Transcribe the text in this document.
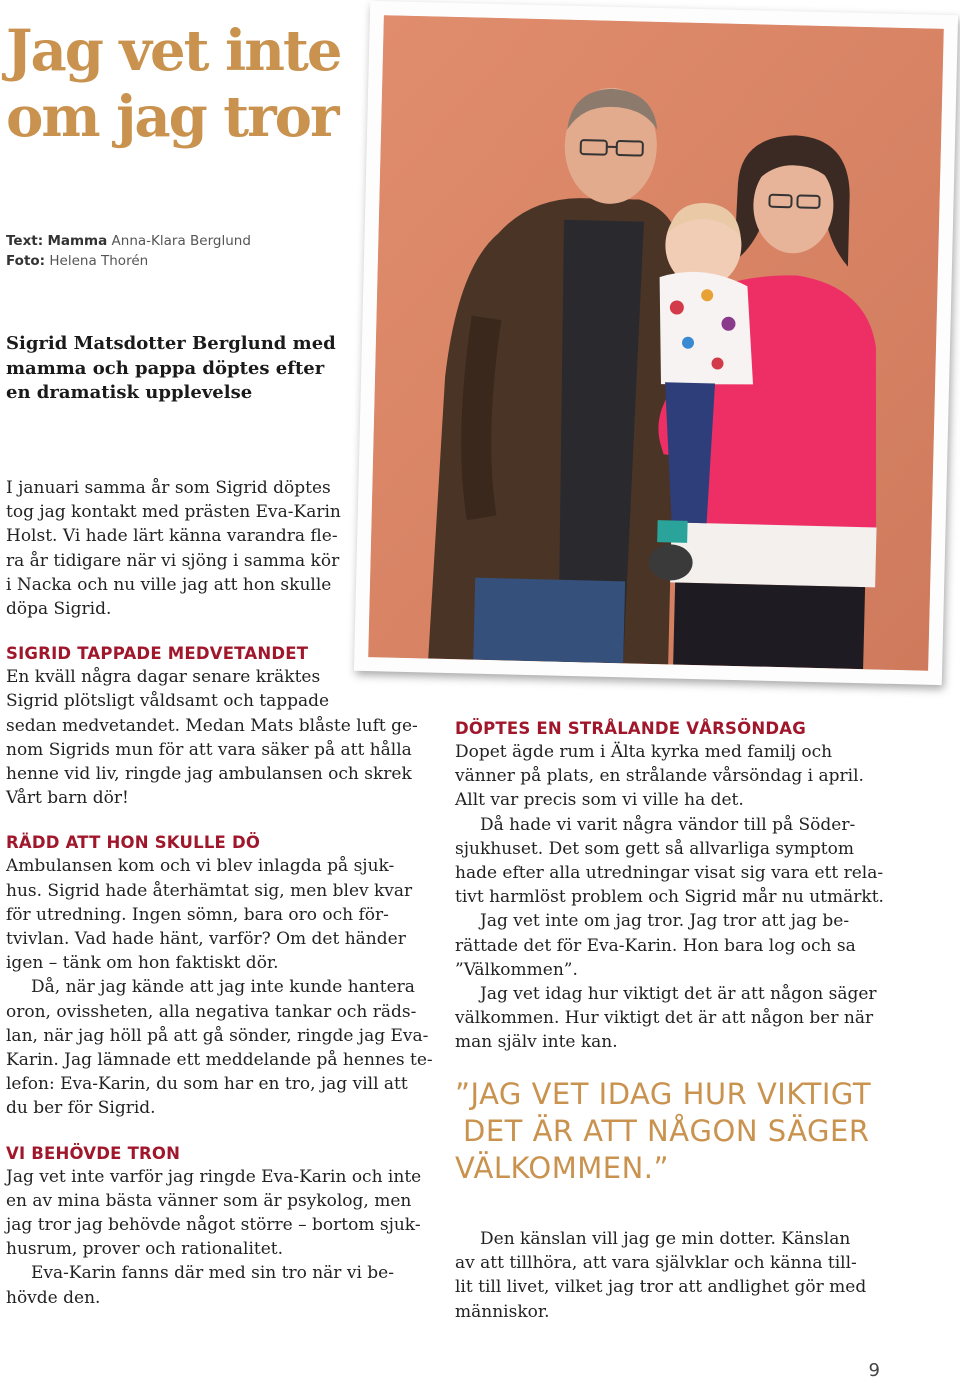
Jag vet inte
om jag tror
Text: Mamma Anna-Klara Berglund
Foto: Helena Thorén
Sigrid Matsdotter Berglund med
mamma och pappa döptes efter
en dramatisk upplevelse

I januari samma år som Sigrid döptes
tog jag kontakt med prästen Eva-Karin
Holst. Vi hade lärt känna varandra fle-
ra år tidigare när vi sjöng i samma kör
i Nacka och nu ville jag att hon skulle
döpa Sigrid.

SIGRID TAPPADE MEDVETANDET

En kväll några dagar senare kräktes
Sigrid plötsligt våldsamt och tappade
sedan medvetandet. Medan Mats blåste luft ge-
nom Sigrids mun för att vara säker på att hålla
henne vid liv, ringde jag ambulansen och skrek
Vårt barn dör!

RÄDD ATT HON SKULLE DÖ

Ambulansen kom och vi blev inlagda på sjuk-
hus. Sigrid hade återhämtat sig, men blev kvar
för utredning. Ingen sömn, bara oro och för-
tvivlan. Vad hade hänt, varför? Om det händer
igen – tänk om hon faktiskt dör.

Då, när jag kände att jag inte kunde hantera
oron, ovissheten, alla negativa tankar och räds-
lan, när jag höll på att gå sönder, ringde jag Eva-
Karin. Jag lämnade ett meddelande på hennes te-
lefon: Eva-Karin, du som har en tro, jag vill att
du ber för Sigrid.

VI BEHÖVDE TRON

Jag vet inte varför jag ringde Eva-Karin och inte
en av mina bästa vänner som är psykolog, men
jag tror jag behövde något större – bortom sjuk-
husrum, prover och rationalitet.

Eva-Karin fanns där med sin tro när vi be-
hövde den.

DÖPTES EN STRÅLANDE VÅRSÖNDAG

Dopet ägde rum i Älta kyrka med familj och
vänner på plats, en strålande vårsöndag i april.
Allt var precis som vi ville ha det.

Då hade vi varit några vändor till på Söder-
sjukhuset. Det som gett så allvarliga symptom
hade efter alla utredningar visat sig vara ett rela-
tivt harmlöst problem och Sigrid mår nu utmärkt.

Jag vet inte om jag tror. Jag tror att jag be-
rättade det för Eva-Karin. Hon bara log och sa
”Välkommen”.

Jag vet idag hur viktigt det är att någon säger
välkommen. Hur viktigt det är att någon ber när
man själv inte kan.

”JAG VET IDAG HUR VIKTIGT
DET ÄR ATT NÅGON SÄGER
VÄLKOMMEN.”

Den känslan vill jag ge min dotter. Känslan
av att tillhöra, att vara självklar och känna till-
lit till livet, vilket jag tror att andlighet gör med
människor.

9
